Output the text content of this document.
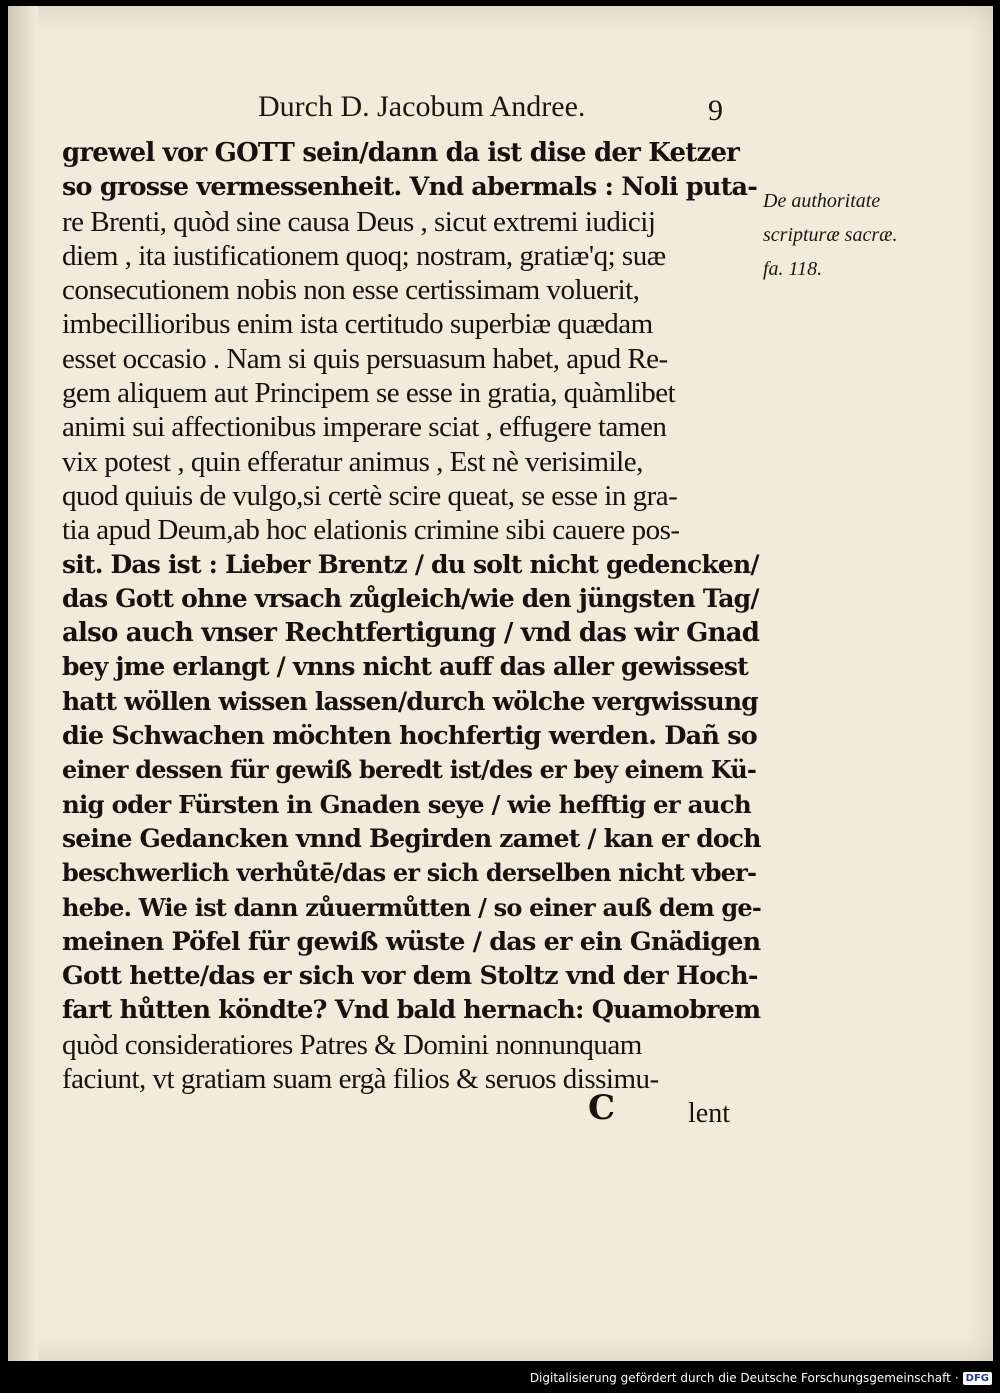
Durch D. Jacobum Andree.	9
grewel vor GOTT sein/dann da ist dise der Ketzer
so grosse vermessenheit. Vnd abermals : Noli puta-
re Brenti, quòd sine causa Deus , sicut extremi iudicij
diem , ita iustificationem quoq; nostram, gratiæ'q; suæ
consecutionem nobis non esse certissimam voluerit,
imbecillioribus enim ista certitudo superbiæ quædam
esset occasio . Nam si quis persuasum habet, apud Re-
gem aliquem aut Principem se esse in gratia, quàmlibet
animi sui affectionibus imperare sciat , effugere tamen
vix potest , quin efferatur animus , Est nè verisimile,
quod quiuis de vulgo,si certè scire queat, se esse in gra-
tia apud Deum,ab hoc elationis crimine sibi cauere pos-
sit. Das ist : Lieber Brentz / du solt nicht gedencken/
das Gott ohne vrsach zůgleich/wie den jüngsten Tag/
also auch vnser Rechtfertigung / vnd das wir Gnad
bey jme erlangt / vnns nicht auff das aller gewissest
hatt wöllen wissen lassen/durch wölche vergwissung
die Schwachen möchten hochfertig werden. Dañ so
einer dessen für gewiß beredt ist/des er bey einem Kü-
nig oder Fürsten in Gnaden seye / wie hefftig er auch
seine Gedancken vnnd Begirden zamet / kan er doch
beschwerlich verhůtē/das er sich derselben nicht vber-
hebe. Wie ist dann zůuermůtten / so einer auß dem ge-
meinen Pöfel für gewiß wüste / das er ein Gnädigen
Gott hette/das er sich vor dem Stoltz vnd der Hoch-
fart hůtten köndte? Vnd bald hernach: Quamobrem
quòd consideratiores Patres & Domini nonnunquam
faciunt, vt gratiam suam ergà filios & seruos dissimu-
De authoritate
scripturæ sacræ.
fa. 118.
C	lent
Digitalisierung gefördert durch die Deutsche Forschungsgemeinschaft · DFG
